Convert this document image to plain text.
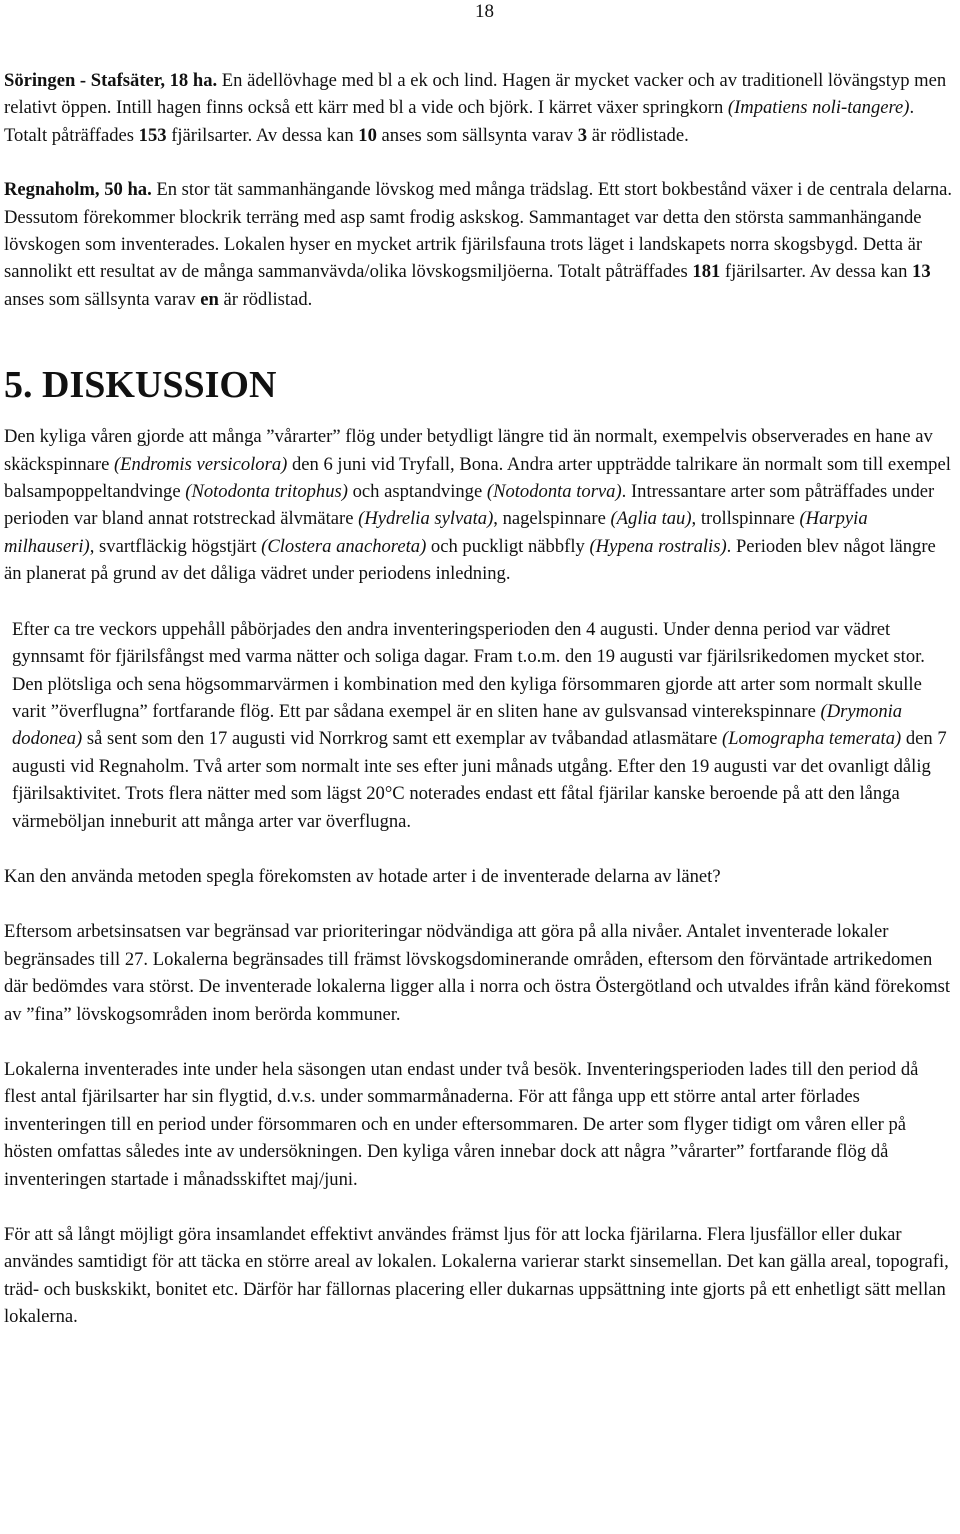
18

Söringen - Stafsäter, 18 ha. En ädellövhage med bl a ek och lind. Hagen är mycket vacker och av traditionell lövängstyp men relativt öppen. Intill hagen finns också ett kärr med bl a vide och björk. I kärret växer springkorn (Impatiens noli-tangere). Totalt påträffades 153 fjärilsarter. Av dessa kan 10 anses som sällsynta varav 3 är rödlistade.

Regnaholm, 50 ha. En stor tät sammanhängande lövskog med många trädslag. Ett stort bokbestånd växer i de centrala delarna. Dessutom förekommer blockrik terräng med asp samt frodig askskog. Sammantaget var detta den största sammanhängande lövskogen som inventerades. Lokalen hyser en mycket artrik fjärilsfauna trots läget i landskapets norra skogsbygd. Detta är sannolikt ett resultat av de många sammanvävda/olika lövskogsmiljöerna. Totalt påträffades 181 fjärilsarter. Av dessa kan 13 anses som sällsynta varav en är rödlistad.

5. DISKUSSION

Den kyliga våren gjorde att många ”vårarter” flög under betydligt längre tid än normalt, exempelvis observerades en hane av skäckspinnare (Endromis versicolora) den 6 juni vid Tryfall, Bona. Andra arter uppträdde talrikare än normalt som till exempel balsampoppeltandvinge (Notodonta tritophus) och asptandvinge (Notodonta torva). Intressantare arter som påträffades under perioden var bland annat rotstreckad älvmätare (Hydrelia sylvata), nagelspinnare (Aglia tau), trollspinnare (Harpyia milhauseri), svartfläckig högstjärt (Clostera anachoreta) och puckligt näbbfly (Hypena rostralis). Perioden blev något längre än planerat på grund av det dåliga vädret under periodens inledning.

Efter ca tre veckors uppehåll påbörjades den andra inventeringsperioden den 4 augusti. Under denna period var vädret gynnsamt för fjärilsfångst med varma nätter och soliga dagar. Fram t.o.m. den 19 augusti var fjärilsrikedomen mycket stor. Den plötsliga och sena högsommarvärmen i kombination med den kyliga försommaren gjorde att arter som normalt skulle varit ”överflugna” fortfarande flög. Ett par sådana exempel är en sliten hane av gulsvansad vinterekspinnare (Drymonia dodonea) så sent som den 17 augusti vid Norrkrog samt ett exemplar av tvåbandad atlasmätare (Lomographa temerata) den 7 augusti vid Regnaholm. Två arter som normalt inte ses efter juni månads utgång. Efter den 19 augusti var det ovanligt dålig fjärilsaktivitet. Trots flera nätter med som lägst 20°C noterades endast ett fåtal fjärilar kanske beroende på att den långa värmeböljan inneburit att många arter var överflugna.

Kan den använda metoden spegla förekomsten av hotade arter i de inventerade delarna av länet?

Eftersom arbetsinsatsen var begränsad var prioriteringar nödvändiga att göra på alla nivåer. Antalet inventerade lokaler begränsades till 27. Lokalerna begränsades till främst lövskogsdominerande områden, eftersom den förväntade artrikedomen där bedömdes vara störst. De inventerade lokalerna ligger alla i norra och östra Östergötland och utvaldes ifrån känd förekomst av ”fina” lövskogsområden inom berörda kommuner.

Lokalerna inventerades inte under hela säsongen utan endast under två besök. Inventeringsperioden lades till den period då flest antal fjärilsarter har sin flygtid, d.v.s. under sommarmånaderna. För att fånga upp ett större antal arter förlades inventeringen till en period under försommaren och en under eftersommaren. De arter som flyger tidigt om våren eller på hösten omfattas således inte av undersökningen. Den kyliga våren innebar dock att några ”vårarter” fortfarande flög då inventeringen startade i månadsskiftet maj/juni.

För att så långt möjligt göra insamlandet effektivt användes främst ljus för att locka fjärilarna. Flera ljusfällor eller dukar användes samtidigt för att täcka en större areal av lokalen. Lokalerna varierar starkt sinsemellan. Det kan gälla areal, topografi, träd- och buskskikt, bonitet etc. Därför har fällornas placering eller dukarnas uppsättning inte gjorts på ett enhetligt sätt mellan lokalerna.
